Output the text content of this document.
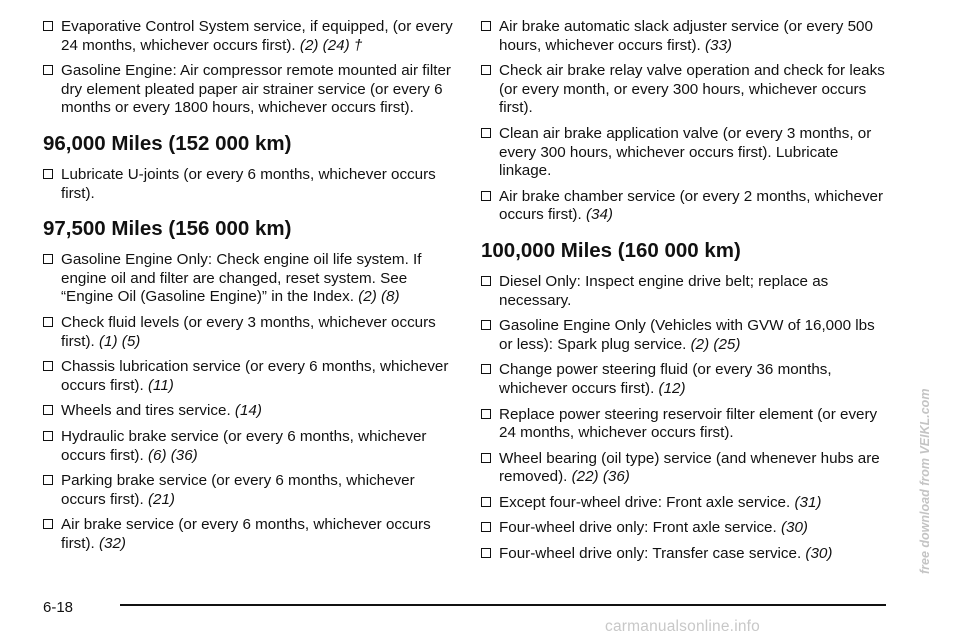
Evaporative Control System service, if equipped, (or every 24 months, whichever occurs first). (2) (24) †
Gasoline Engine: Air compressor remote mounted air filter dry element pleated paper air strainer service (or every 6 months or every 1800 hours, whichever occurs first).
96,000 Miles (152 000 km)
Lubricate U-joints (or every 6 months, whichever occurs first).
97,500 Miles (156 000 km)
Gasoline Engine Only: Check engine oil life system. If engine oil and filter are changed, reset system. See “Engine Oil (Gasoline Engine)” in the Index. (2) (8)
Check fluid levels (or every 3 months, whichever occurs first). (1) (5)
Chassis lubrication service (or every 6 months, whichever occurs first). (11)
Wheels and tires service. (14)
Hydraulic brake service (or every 6 months, whichever occurs first). (6) (36)
Parking brake service (or every 6 months, whichever occurs first). (21)
Air brake service (or every 6 months, whichever occurs first). (32)
Air brake automatic slack adjuster service (or every 500 hours, whichever occurs first). (33)
Check air brake relay valve operation and check for leaks (or every month, or every 300 hours, whichever occurs first).
Clean air brake application valve (or every 3 months, or every 300 hours, whichever occurs first). Lubricate linkage.
Air brake chamber service (or every 2 months, whichever occurs first). (34)
100,000 Miles (160 000 km)
Diesel Only: Inspect engine drive belt; replace as necessary.
Gasoline Engine Only (Vehicles with GVW of 16,000 lbs or less): Spark plug service. (2) (25)
Change power steering fluid (or every 36 months, whichever occurs first). (12)
Replace power steering reservoir filter element (or every 24 months, whichever occurs first).
Wheel bearing (oil type) service (and whenever hubs are removed). (22) (36)
Except four-wheel drive: Front axle service. (31)
Four-wheel drive only: Front axle service. (30)
Four-wheel drive only: Transfer case service. (30)
6-18
carmanualsonline.info
free download from VEIKL.com
